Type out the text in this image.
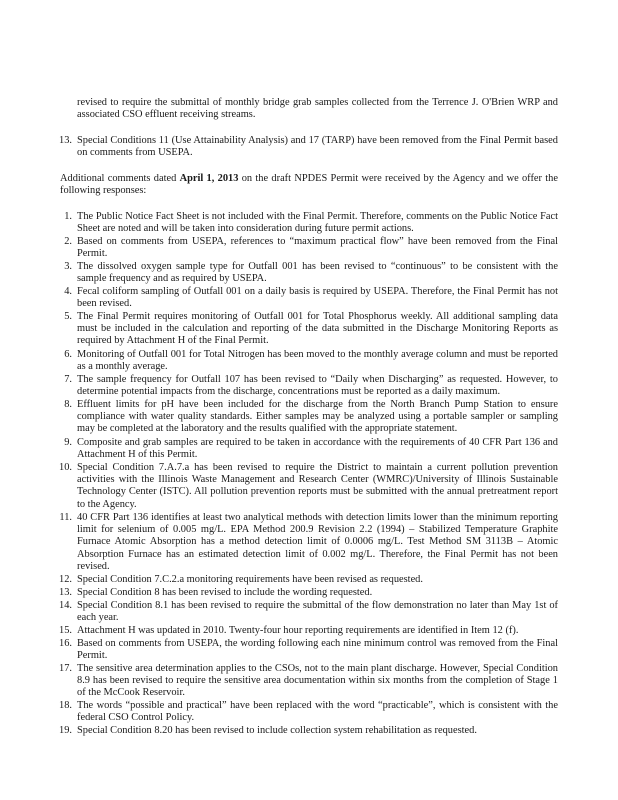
revised to require the submittal of monthly bridge grab samples collected from the Terrence J. O'Brien WRP and associated CSO effluent receiving streams.

13. Special Conditions 11 (Use Attainability Analysis) and 17 (TARP) have been removed from the Final Permit based on comments from USEPA.

Additional comments dated April 1, 2013 on the draft NPDES Permit were received by the Agency and we offer the following responses:

1. The Public Notice Fact Sheet is not included with the Final Permit. Therefore, comments on the Public Notice Fact Sheet are noted and will be taken into consideration during future permit actions.

2. Based on comments from USEPA, references to “maximum practical flow” have been removed from the Final Permit.

3. The dissolved oxygen sample type for Outfall 001 has been revised to “continuous” to be consistent with the sample frequency and as required by USEPA.

4. Fecal coliform sampling of Outfall 001 on a daily basis is required by USEPA. Therefore, the Final Permit has not been revised.

5. The Final Permit requires monitoring of Outfall 001 for Total Phosphorus weekly. All additional sampling data must be included in the calculation and reporting of the data submitted in the Discharge Monitoring Reports as required by Attachment H of the Final Permit.

6. Monitoring of Outfall 001 for Total Nitrogen has been moved to the monthly average column and must be reported as a monthly average.

7. The sample frequency for Outfall 107 has been revised to “Daily when Discharging” as requested. However, to determine potential impacts from the discharge, concentrations must be reported as a daily maximum.

8. Effluent limits for pH have been included for the discharge from the North Branch Pump Station to ensure compliance with water quality standards. Either samples may be analyzed using a portable sampler or sampling may be completed at the laboratory and the results qualified with the appropriate statement.

9. Composite and grab samples are required to be taken in accordance with the requirements of 40 CFR Part 136 and Attachment H of this Permit.

10. Special Condition 7.A.7.a has been revised to require the District to maintain a current pollution prevention activities with the Illinois Waste Management and Research Center (WMRC)/University of Illinois Sustainable Technology Center (ISTC). All pollution prevention reports must be submitted with the annual pretreatment report to the Agency.

11. 40 CFR Part 136 identifies at least two analytical methods with detection limits lower than the minimum reporting limit for selenium of 0.005 mg/L. EPA Method 200.9 Revision 2.2 (1994) – Stabilized Temperature Graphite Furnace Atomic Absorption has a method detection limit of 0.0006 mg/L. Test Method SM 3113B – Atomic Absorption Furnace has an estimated detection limit of 0.002 mg/L. Therefore, the Final Permit has not been revised.

12. Special Condition 7.C.2.a monitoring requirements have been revised as requested.

13. Special Condition 8 has been revised to include the wording requested.

14. Special Condition 8.1 has been revised to require the submittal of the flow demonstration no later than May 1st of each year.

15. Attachment H was updated in 2010. Twenty-four hour reporting requirements are identified in Item 12 (f).

16. Based on comments from USEPA, the wording following each nine minimum control was removed from the Final Permit.

17. The sensitive area determination applies to the CSOs, not to the main plant discharge. However, Special Condition 8.9 has been revised to require the sensitive area documentation within six months from the completion of Stage 1 of the McCook Reservoir.

18. The words “possible and practical” have been replaced with the word “practicable”, which is consistent with the federal CSO Control Policy.

19. Special Condition 8.20 has been revised to include collection system rehabilitation as requested.
